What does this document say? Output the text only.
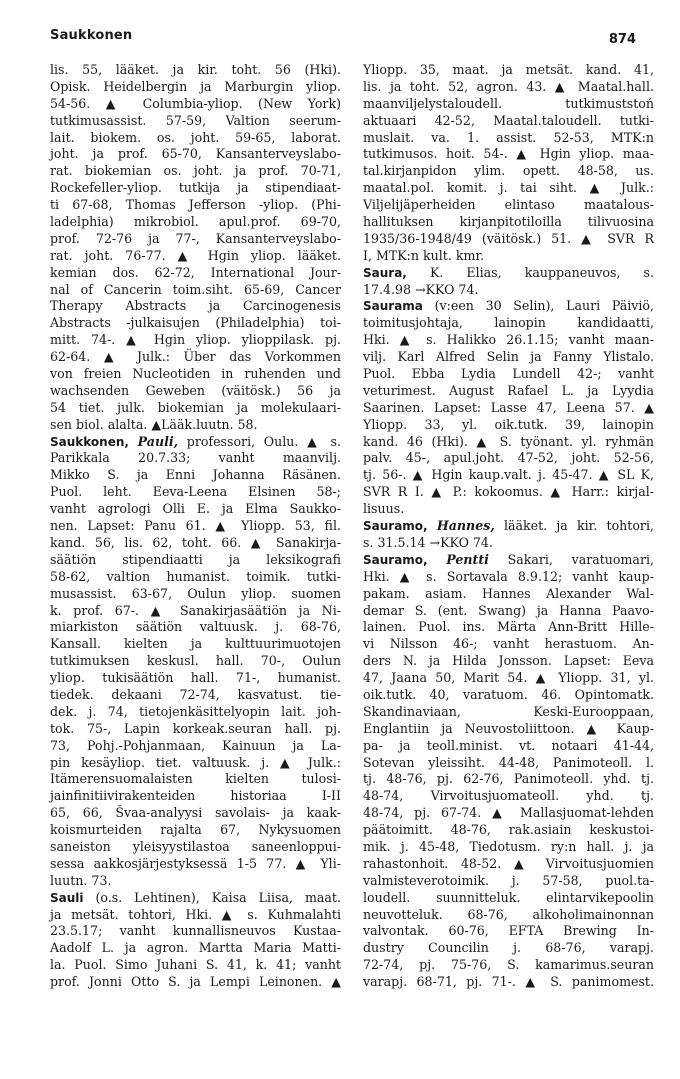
Saukkonen	874
lis. 55, lääket. ja kir. toht. 56 (Hki).
Opisk. Heidelbergin ja Marburgin yliop.
54-56. ▲ Columbia-yliop. (New York)
tutkimusassist. 57-59, Valtion seerum-
lait. biokem. os. joht. 59-65, laborat.
joht. ja prof. 65-70, Kansanterveyslabo-
rat. biokemian os. joht. ja prof. 70-71,
Rockefeller-yliop. tutkija ja stipendiaat-
ti 67-68, Thomas Jefferson -yliop. (Phi-
ladelphia) mikrobiol. apul.prof. 69-70,
prof. 72-76 ja 77-, Kansanterveyslabo-
rat. joht. 76-77. ▲ Hgin yliop. lääket.
kemian dos. 62-72, International Jour-
nal of Cancerin toim.siht. 65-69, Cancer
Therapy Abstracts ja Carcinogenesis
Abstracts -julkaisujen (Philadelphia) toi-
mitt. 74-. ▲ Hgin yliop. ylioppilask. pj.
62-64. ▲ Julk.: Über das Vorkommen
von freien Nucleotiden in ruhenden und
wachsenden Geweben (väitösk.) 56 ja
54 tiet. julk. biokemian ja molekulaari-
sen biol. alalta. ▲Lääk.luutn. 58.
Saukkonen, Pauli, professori, Oulu. ▲ s.
Parikkala 20.7.33; vanht maanvilj.
Mikko S. ja Enni Johanna Räsänen.
Puol. leht. Eeva-Leena Elsinen 58-;
vanht agrologi Olli E. ja Elma Saukko-
nen. Lapset: Panu 61. ▲ Yliopp. 53, fil.
kand. 56, lis. 62, toht. 66. ▲ Sanakirja-
säätiön stipendiaatti ja leksikografi
58-62, valtion humanist. toimik. tutki-
musassist. 63-67, Oulun yliop. suomen
k. prof. 67-. ▲ Sanakirjasäätiön ja Ni-
miarkiston säätiön valtuusk. j. 68-76,
Kansall. kielten ja kulttuurimuotojen
tutkimuksen keskusl. hall. 70-, Oulun
yliop. tukisäätiön hall. 71-, humanist.
tiedek. dekaani 72-74, kasvatust. tie-
dek. j. 74, tietojenkäsittelyopin lait. joh-
tok. 75-, Lapin korkeak.seuran hall. pj.
73, Pohj.-Pohjanmaan, Kainuun ja La-
pin kesäyliop. tiet. valtuusk. j. ▲ Julk.:
Itämerensuomalaisten kielten tulosi-
jainfinitiivirakenteiden historiaa I-II
65, 66, Švaa-analyysi savolais- ja kaak-
koismurteiden rajalta 67, Nykysuomen
saneiston yleisyystilastoa saneenloppui-
sessa aakkosjärjestyksessä 1-5 77. ▲ Yli-
luutn. 73.
Sauli (o.s. Lehtinen), Kaisa Liisa, maat.
ja metsät. tohtori, Hki. ▲ s. Kuhmalahti
23.5.17; vanht kunnallisneuvos Kustaa-
Aadolf L. ja agron. Martta Maria Matti-
la. Puol. Simo Juhani S. 41, k. 41; vanht
prof. Jonni Otto S. ja Lempi Leinonen. ▲
Yliopp. 35, maat. ja metsät. kand. 41,
lis. ja toht. 52, agron. 43. ▲ Maatal.hall.
maanviljelystaloudell. tutkimuststoń
aktuaari 42-52, Maatal.taloudell. tutki-
muslait. va. 1. assist. 52-53, MTK:n
tutkimusos. hoit. 54-. ▲ Hgin yliop. maa-
tal.kirjanpidon ylim. opett. 48-58, us.
maatal.pol. komit. j. tai siht. ▲ Julk.:
Viljelijäperheiden elintaso maatalous-
hallituksen kirjanpitotiloilla tilivuosina
1935/36-1948/49 (väitösk.) 51. ▲ SVR R
I, MTK:n kult. kmr.
Saura, K. Elias, kauppaneuvos, s.
17.4.98 →KKO 74.
Saurama (v:een 30 Selin), Lauri Päiviö,
toimitusjohtaja, lainopin kandidaatti,
Hki. ▲ s. Halikko 26.1.15; vanht maan-
vilj. Karl Alfred Selin ja Fanny Ylistalo.
Puol. Ebba Lydia Lundell 42-; vanht
veturimest. August Rafael L. ja Lyydia
Saarinen. Lapset: Lasse 47, Leena 57. ▲
Yliopp. 33, yl. oik.tutk. 39, lainopin
kand. 46 (Hki). ▲ S. työnant. yl. ryhmän
palv. 45-, apul.joht. 47-52, joht. 52-56,
tj. 56-. ▲ Hgin kaup.valt. j. 45-47. ▲ SL K,
SVR R I. ▲ P.: kokoomus. ▲ Harr.: kirjal-
lisuus.
Sauramo, Hannes, lääket. ja kir. tohtori,
s. 31.5.14 →KKO 74.
Sauramo, Pentti Sakari, varatuomari,
Hki. ▲ s. Sortavala 8.9.12; vanht kaup-
pakam. asiam. Hannes Alexander Wal-
demar S. (ent. Swang) ja Hanna Paavo-
lainen. Puol. ins. Märta Ann-Britt Hille-
vi Nilsson 46-; vanht herastuom. An-
ders N. ja Hilda Jonsson. Lapset: Eeva
47, Jaana 50, Marit 54. ▲ Yliopp. 31, yl.
oik.tutk. 40, varatuom. 46. Opintomatk.
Skandinaviaan, Keski-Eurooppaan,
Englantiin ja Neuvostoliittoon. ▲ Kaup-
pa- ja teoll.minist. vt. notaari 41-44,
Sotevan yleissiht. 44-48, Panimoteoll. l.
tj. 48-76, pj. 62-76, Panimoteoll. yhd. tj.
48-74, Virvoitusjuomateoll. yhd. tj.
48-74, pj. 67-74. ▲ Mallasjuomat-lehden
päätoimitt. 48-76, rak.asiain keskustoi-
mik. j. 45-48, Tiedotusm. ry:n hall. j. ja
rahastonhoit. 48-52. ▲ Virvoitusjuomien
valmisteverotoimik. j. 57-58, puol.ta-
loudell. suunnitteluk. elintarvikepoolin
neuvotteluk. 68-76, alkoholimainonnan
valvontak. 60-76, EFTA Brewing In-
dustry Councilin j. 68-76, varapj.
72-74, pj. 75-76, S. kamarimus.seuran
varapj. 68-71, pj. 71-. ▲ S. panimomest.
